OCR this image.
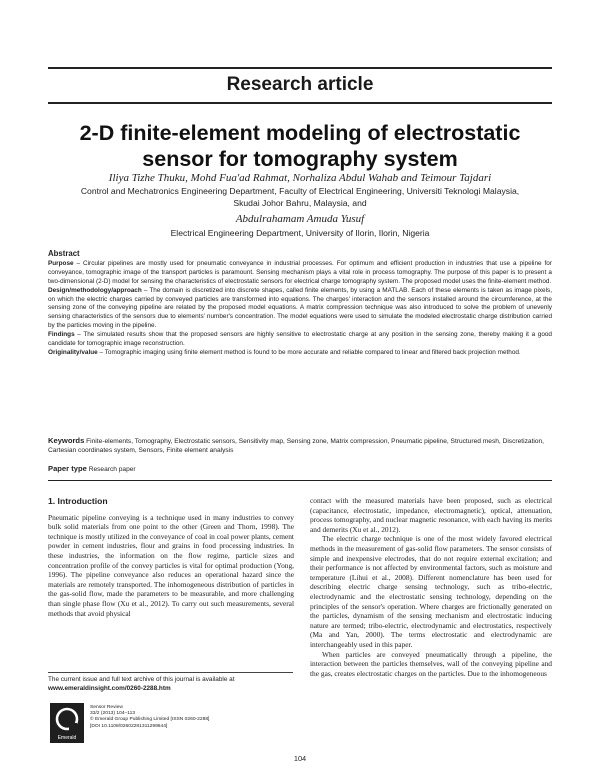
Research article
2-D finite-element modeling of electrostatic
sensor for tomography system
Iliya Tizhe Thuku, Mohd Fua'ad Rahmat, Norhaliza Abdul Wahab and Teimour Tajdari
Control and Mechatronics Engineering Department, Faculty of Electrical Engineering, Universiti Teknologi Malaysia,
Skudai Johor Bahru, Malaysia, and
Abdulrahamam Amuda Yusuf
Electrical Engineering Department, University of Ilorin, Ilorin, Nigeria
Abstract

Purpose – Circular pipelines are mostly used for pneumatic conveyance in industrial processes. For optimum and efficient production in industries that use a pipeline for conveyance, tomographic image of the transport particles is paramount. Sensing mechanism plays a vital role in process tomography. The purpose of this paper is to present a two-dimensional (2-D) model for sensing the characteristics of electrostatic sensors for electrical charge tomography system. The proposed model uses the finite-element method.

Design/methodology/approach – The domain is discretized into discrete shapes, called finite elements, by using a MATLAB. Each of these elements is taken as image pixels, on which the electric charges carried by conveyed particles are transformed into equations. The charges' interaction and the sensors installed around the circumference, at the sensing zone of the conveying pipeline are related by the proposed model equations. A matrix compression technique was also introduced to solve the problem of unevenly sensing characteristics of the sensors due to elements' number's concentration. The model equations were used to simulate the modeled electrostatic charge distribution carried by the particles moving in the pipeline.

Findings – The simulated results show that the proposed sensors are highly sensitive to electrostatic charge at any position in the sensing zone, thereby making it a good candidate for tomographic image reconstruction.

Originality/value – Tomographic imaging using finite element method is found to be more accurate and reliable compared to linear and filtered back projection method.

Keywords Finite-elements, Tomography, Electrostatic sensors, Sensitivity map, Sensing zone, Matrix compression, Pneumatic pipeline, Structured mesh, Discretization, Cartesian coordinates system, Sensors, Finite element analysis
Paper type Research paper
1. Introduction

Pneumatic pipeline conveying is a technique used in many industries to convey bulk solid materials from one point to the other (Green and Thorn, 1998). The technique is mostly utilized in the conveyance of coal in coal power plants, cement powder in cement industries, flour and grains in food processing industries. In these industries, the information on the flow regime, particle sizes and concentration profile of the convey particles is vital for optimal production (Yong, 1996). The pipeline conveyance also reduces an operational hazard since the materials are remotely transported. The inhomogeneous distribution of particles in the gas-solid flow, made the parameters to be measurable, and more challenging than single phase flow (Xu et al., 2012). To carry out such measurements, several methods that avoid physical

contact with the measured materials have been proposed, such as electrical (capacitance, electrostatic, impedance, electromagnetic), optical, attenuation, process tomography, and nuclear magnetic resonance, with each having its merits and demerits (Xu et al., 2012).

The electric charge technique is one of the most widely favored electrical methods in the measurement of gas-solid flow parameters. The sensor consists of simple and inexpensive electrodes, that do not require external excitation; and their performance is not affected by environmental factors, such as moisture and temperature (Lihui et al., 2008). Different nomenclature has been used for describing electric charge sensing technology, such as tribo-electric, electrodynamic and the electrostatic sensing technology, depending on the principles of the sensor's operation. Where charges are frictionally generated on the particles, dynamism of the sensing mechanism and electrostatic inducing nature are termed; tribo-electric, electrodynamic and electrostatics, respectively (Ma and Yan, 2000). The terms electrostatic and electrodynamic are interchangeably used in this paper.

When particles are conveyed pneumatically through a pipeline, the interaction between the particles themselves, wall of the conveying pipeline and the gas, creates electrostatic charges on the particles. Due to the inhomogeneous

The current issue and full text archive of this journal is available at
www.emeraldinsight.com/0260-2288.htm
Emerald
Sensor Review
33/2 (2013) 104–113
© Emerald Group Publishing Limited [ISSN 0260-2288]
[DOI 10.1108/02602281311299644]
104
